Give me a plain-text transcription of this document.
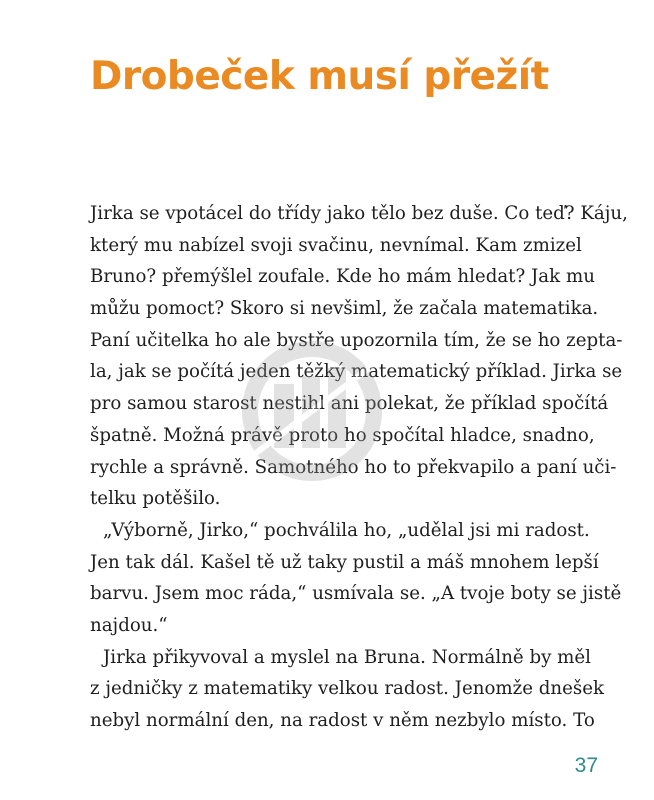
Drobeček musí přežít
Jirka se vpotácel do třídy jako tělo bez duše. Co teď? Káju,
který mu nabízel svoji svačinu, nevnímal. Kam zmizel
Bruno? přemýšlel zoufale. Kde ho mám hledat? Jak mu
můžu pomoct? Skoro si nevšiml, že začala matematika.
Paní učitelka ho ale bystře upozornila tím, že se ho zepta-
la, jak se počítá jeden těžký matematický příklad. Jirka se
pro samou starost nestihl ani polekat, že příklad spočítá
špatně. Možná právě proto ho spočítal hladce, snadno,
rychle a správně. Samotného ho to překvapilo a paní uči-
telku potěšilo.
„Výborně, Jirko,“ pochválila ho, „udělal jsi mi radost.
Jen tak dál. Kašel tě už taky pustil a máš mnohem lepší
barvu. Jsem moc ráda,“ usmívala se. „A tvoje boty se jistě
najdou.“
Jirka přikyvoval a myslel na Bruna. Normálně by měl
z jedničky z matematiky velkou radost. Jenomže dnešek
nebyl normální den, na radost v něm nezbylo místo. To
37
